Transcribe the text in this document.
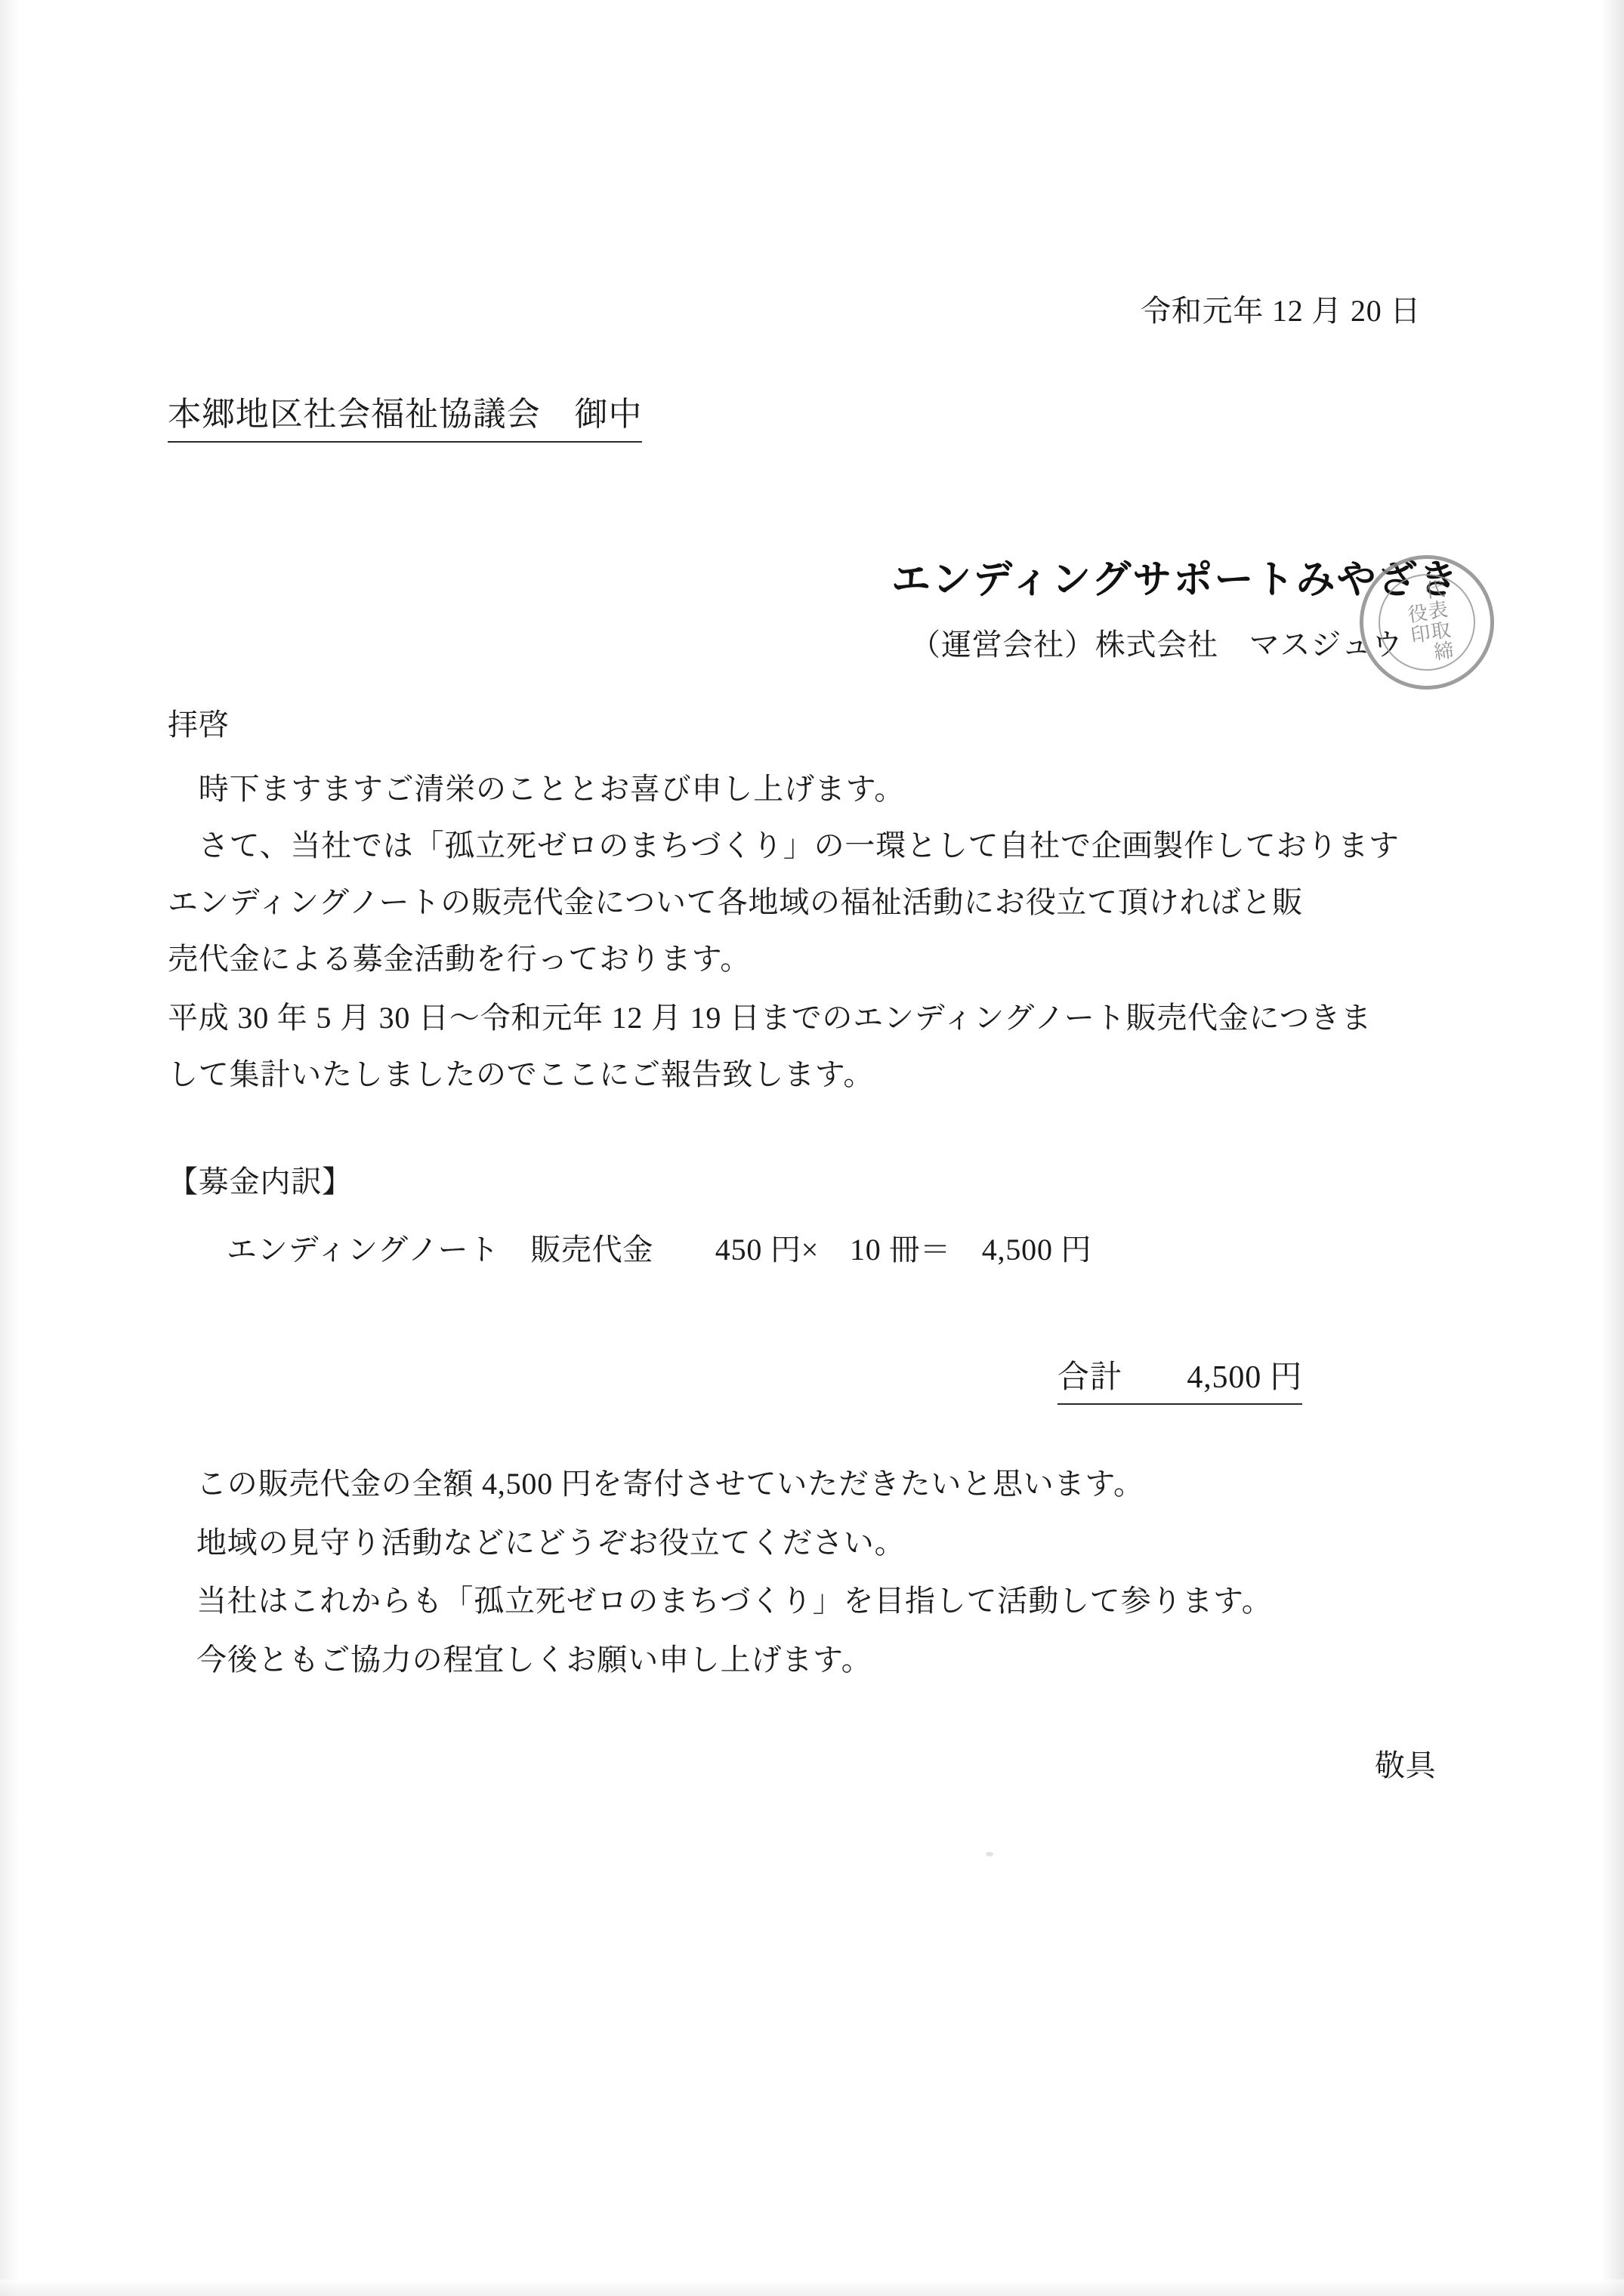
令和元年 12 月 20 日
本郷地区社会福祉協議会　御中
エンディングサポートみやざき
（運営会社）株式会社　マスジュウ 代表取締役印
拝啓
　時下ますますご清栄のこととお喜び申し上げます。
　さて、当社では「孤立死ゼロのまちづくり」の一環として自社で企画製作しております
エンディングノートの販売代金について各地域の福祉活動にお役立て頂ければと販
売代金による募金活動を行っております。
平成 30 年 5 月 30 日～令和元年 12 月 19 日までのエンディングノート販売代金につきま
して集計いたしましたのでここにご報告致します。
【募金内訳】
エンディングノート　販売代金　　450 円×　10 冊＝　4,500 円
合計　　4,500 円
この販売代金の全額 4,500 円を寄付させていただきたいと思います。
地域の見守り活動などにどうぞお役立てください。
当社はこれからも「孤立死ゼロのまちづくり」を目指して活動して参ります。
今後ともご協力の程宜しくお願い申し上げます。
敬具
